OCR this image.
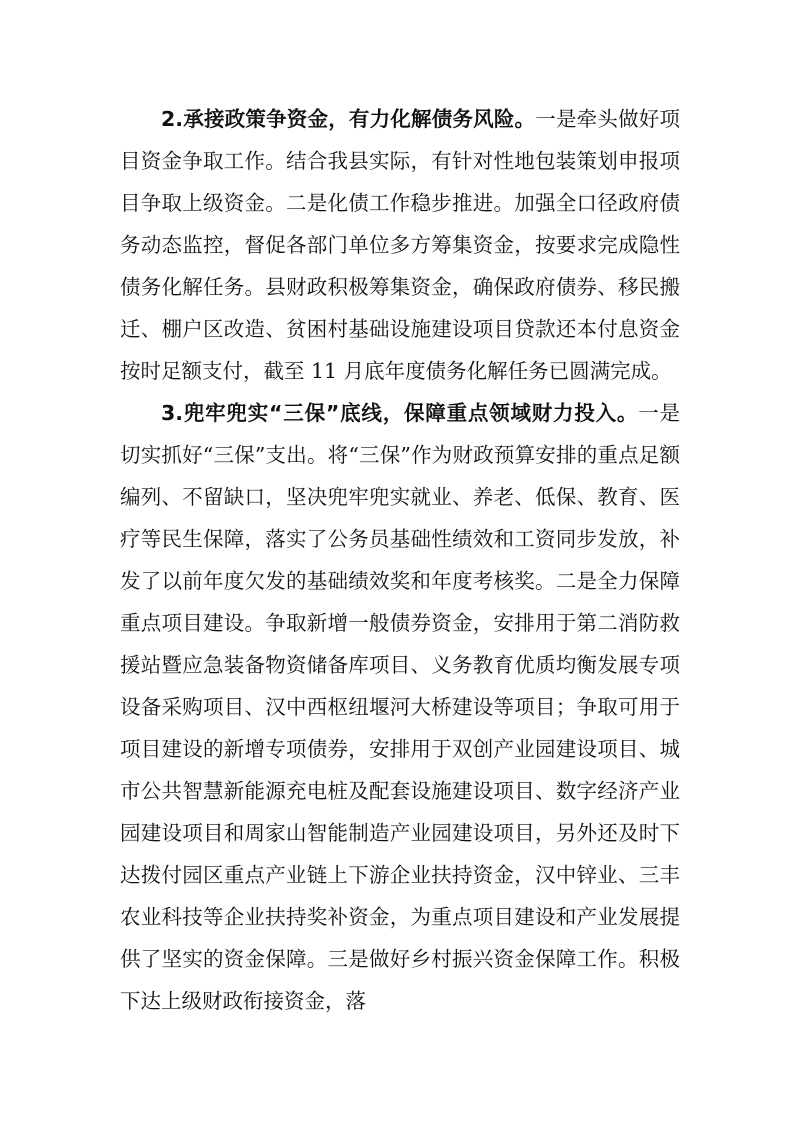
2.承接政策争资金，有力化解债务风险。一是牵头做好项目资金争取工作。结合我县实际，有针对性地包装策划申报项目争取上级资金。二是化债工作稳步推进。加强全口径政府债务动态监控，督促各部门单位多方筹集资金，按要求完成隐性债务化解任务。县财政积极筹集资金，确保政府债券、移民搬迁、棚户区改造、贫困村基础设施建设项目贷款还本付息资金按时足额支付，截至 11 月底年度债务化解任务已圆满完成。

3.兜牢兜实“三保”底线，保障重点领域财力投入。一是切实抓好“三保”支出。将“三保”作为财政预算安排的重点足额编列、不留缺口，坚决兜牢兜实就业、养老、低保、教育、医疗等民生保障，落实了公务员基础性绩效和工资同步发放，补发了以前年度欠发的基础绩效奖和年度考核奖。二是全力保障重点项目建设。争取新增一般债券资金，安排用于第二消防救援站暨应急装备物资储备库项目、义务教育优质均衡发展专项设备采购项目、汉中西枢纽堰河大桥建设等项目；争取可用于项目建设的新增专项债券，安排用于双创产业园建设项目、城市公共智慧新能源充电桩及配套设施建设项目、数字经济产业园建设项目和周家山智能制造产业园建设项目，另外还及时下达拨付园区重点产业链上下游企业扶持资金，汉中锌业、三丰农业科技等企业扶持奖补资金，为重点项目建设和产业发展提供了坚实的资金保障。三是做好乡村振兴资金保障工作。积极下达上级财政衔接资金，落
